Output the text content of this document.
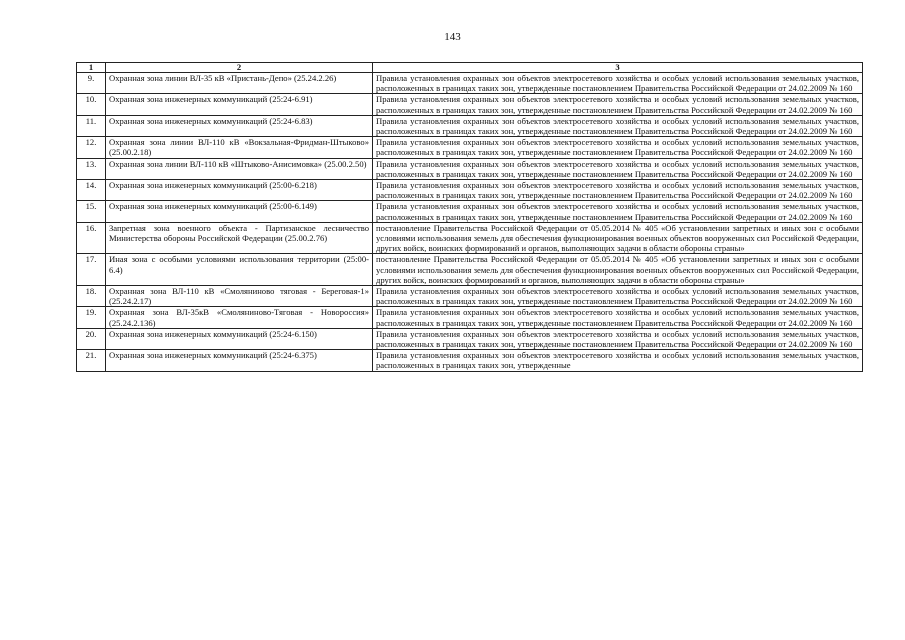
143
1	2	3
9.	Охранная зона линии ВЛ-35 кВ «Пристань-Депо» (25.24.2.26)	Правила установления охранных зон объектов электросетевого хозяйства и особых условий использования земельных участков, расположенных в границах таких зон, утвержденные постановлением Правительства Российской Федерации от 24.02.2009 № 160
10.	Охранная зона инженерных коммуникаций (25:24-6.91)	Правила установления охранных зон объектов электросетевого хозяйства и особых условий использования земельных участков, расположенных в границах таких зон, утвержденные постановлением Правительства Российской Федерации от 24.02.2009 № 160
11.	Охранная зона инженерных коммуникаций (25:24-6.83)	Правила установления охранных зон объектов электросетевого хозяйства и особых условий использования земельных участков, расположенных в границах таких зон, утвержденные постановлением Правительства Российской Федерации от 24.02.2009 № 160
12.	Охранная зона линии ВЛ-110 кВ «Вокзальная-Фридман-Штыково» (25.00.2.18)	Правила установления охранных зон объектов электросетевого хозяйства и особых условий использования земельных участков, расположенных в границах таких зон, утвержденные постановлением Правительства Российской Федерации от 24.02.2009 № 160
13.	Охранная зона линии ВЛ-110 кВ «Штыково-Анисимовка» (25.00.2.50)	Правила установления охранных зон объектов электросетевого хозяйства и особых условий использования земельных участков, расположенных в границах таких зон, утвержденные постановлением Правительства Российской Федерации от 24.02.2009 № 160
14.	Охранная зона инженерных коммуникаций (25:00-6.218)	Правила установления охранных зон объектов электросетевого хозяйства и особых условий использования земельных участков, расположенных в границах таких зон, утвержденные постановлением Правительства Российской Федерации от 24.02.2009 № 160
15.	Охранная зона инженерных коммуникаций (25:00-6.149)	Правила установления охранных зон объектов электросетевого хозяйства и особых условий использования земельных участков, расположенных в границах таких зон, утвержденные постановлением Правительства Российской Федерации от 24.02.2009 № 160
16.	Запретная зона военного объекта - Партизанское лесничество Министерства обороны Российской Федерации (25.00.2.76)	постановление Правительства Российской Федерации от 05.05.2014 № 405 «Об установлении запретных и иных зон с особыми условиями использования земель для обеспечения функционирования военных объектов вооруженных сил Российской Федерации, других войск, воинских формирований и органов, выполняющих задачи в области обороны страны»
17.	Иная зона с особыми условиями использования территории (25:00-6.4)	постановление Правительства Российской Федерации от 05.05.2014 № 405 «Об установлении запретных и иных зон с особыми условиями использования земель для обеспечения функционирования военных объектов вооруженных сил Российской Федерации, других войск, воинских формирований и органов, выполняющих задачи в области обороны страны»
18.	Охранная зона ВЛ-110 кВ «Смоляниново тяговая - Береговая-1» (25.24.2.17)	Правила установления охранных зон объектов электросетевого хозяйства и особых условий использования земельных участков, расположенных в границах таких зон, утвержденные постановлением Правительства Российской Федерации от 24.02.2009 № 160
19.	Охранная зона ВЛ-35кВ «Смоляниново-Тяговая - Новороссия» (25.24.2.136)	Правила установления охранных зон объектов электросетевого хозяйства и особых условий использования земельных участков, расположенных в границах таких зон, утвержденные постановлением Правительства Российской Федерации от 24.02.2009 № 160
20.	Охранная зона инженерных коммуникаций (25:24-6.150)	Правила установления охранных зон объектов электросетевого хозяйства и особых условий использования земельных участков, расположенных в границах таких зон, утвержденные постановлением Правительства Российской Федерации от 24.02.2009 № 160
21.	Охранная зона инженерных коммуникаций (25:24-6.375)	Правила установления охранных зон объектов электросетевого хозяйства и особых условий использования земельных участков, расположенных в границах таких зон, утвержденные
